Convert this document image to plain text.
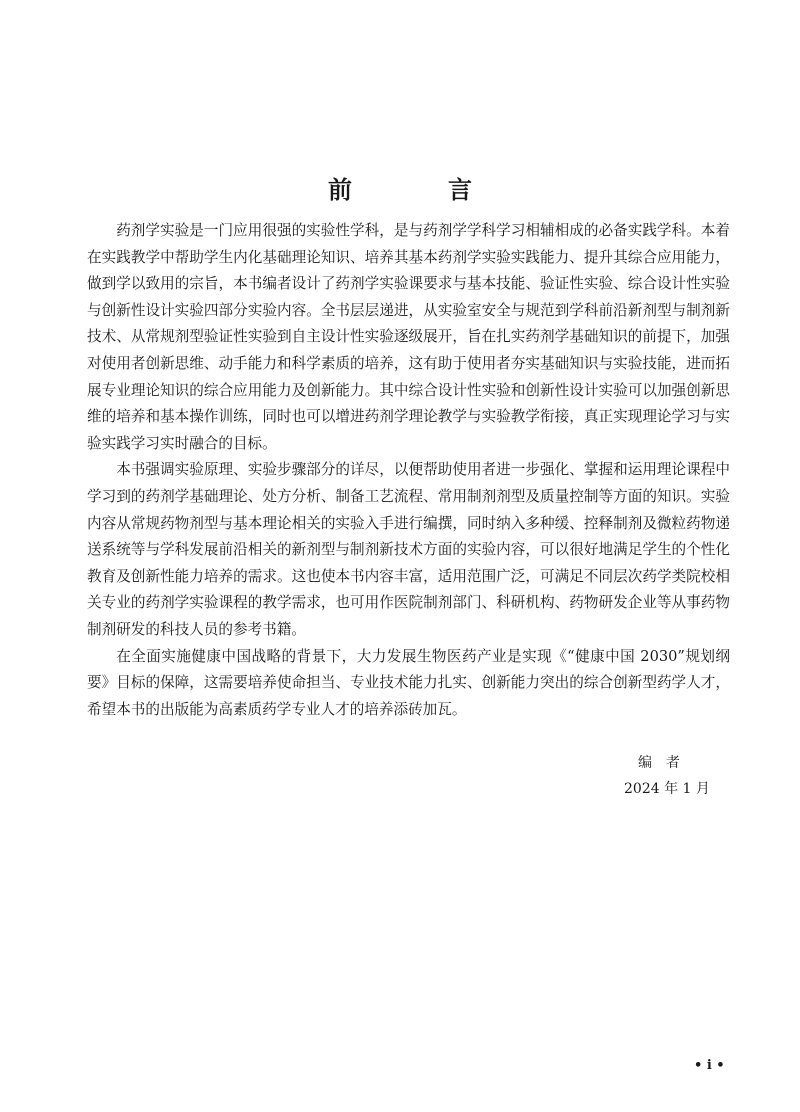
前　言

药剂学实验是一门应用很强的实验性学科，是与药剂学学科学习相辅相成的必备实践学科。本着在实践教学中帮助学生内化基础理论知识、培养其基本药剂学实验实践能力、提升其综合应用能力，做到学以致用的宗旨，本书编者设计了药剂学实验课要求与基本技能、验证性实验、综合设计性实验与创新性设计实验四部分实验内容。全书层层递进，从实验室安全与规范到学科前沿新剂型与制剂新技术、从常规剂型验证性实验到自主设计性实验逐级展开，旨在扎实药剂学基础知识的前提下，加强对使用者创新思维、动手能力和科学素质的培养，这有助于使用者夯实基础知识与实验技能，进而拓展专业理论知识的综合应用能力及创新能力。其中综合设计性实验和创新性设计实验可以加强创新思维的培养和基本操作训练，同时也可以增进药剂学理论教学与实验教学衔接，真正实现理论学习与实验实践学习实时融合的目标。

本书强调实验原理、实验步骤部分的详尽，以便帮助使用者进一步强化、掌握和运用理论课程中学习到的药剂学基础理论、处方分析、制备工艺流程、常用制剂剂型及质量控制等方面的知识。实验内容从常规药物剂型与基本理论相关的实验入手进行编撰，同时纳入多种缓、控释制剂及微粒药物递送系统等与学科发展前沿相关的新剂型与制剂新技术方面的实验内容，可以很好地满足学生的个性化教育及创新性能力培养的需求。这也使本书内容丰富，适用范围广泛，可满足不同层次药学类院校相关专业的药剂学实验课程的教学需求，也可用作医院制剂部门、科研机构、药物研发企业等从事药物制剂研发的科技人员的参考书籍。

在全面实施健康中国战略的背景下，大力发展生物医药产业是实现《“健康中国 2030”规划纲要》目标的保障，这需要培养使命担当、专业技术能力扎实、创新能力突出的综合创新型药学人才，希望本书的出版能为高素质药学专业人才的培养添砖加瓦。

编者
2024 年 1 月
• i •
